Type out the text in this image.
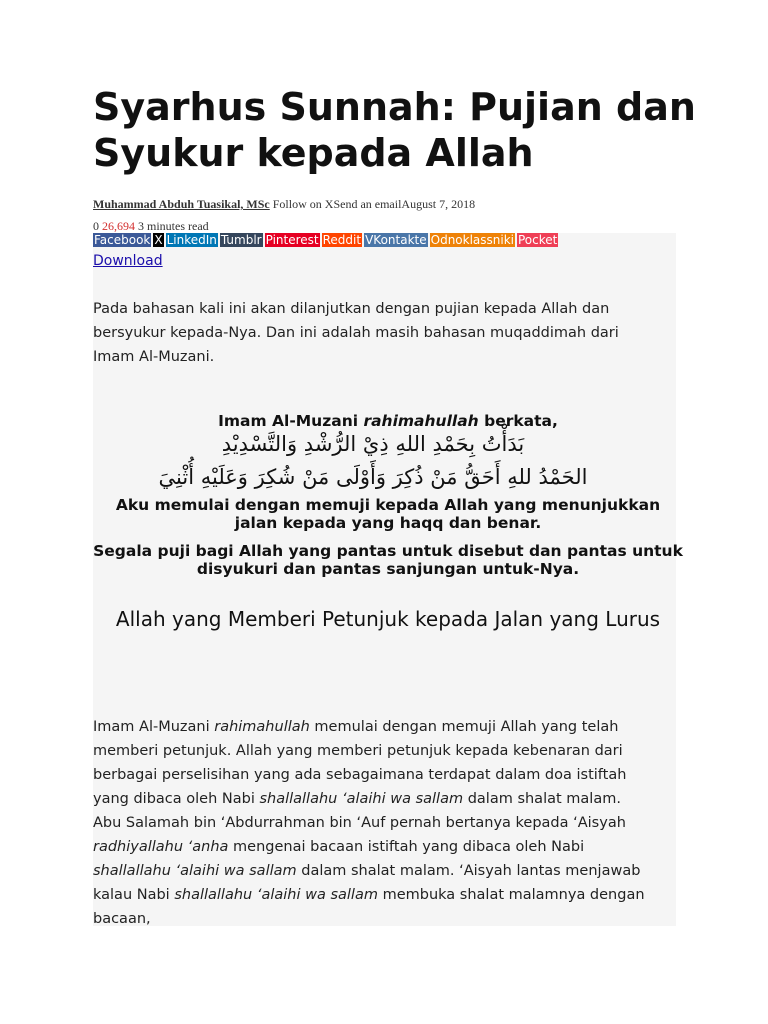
Syarhus Sunnah: Pujian dan Syukur kepada Allah
Muhammad Abduh Tuasikal, MSc Follow on XSend an emailAugust 7, 2018
0 26,694 3 minutes read
Facebook X LinkedIn Tumblr Pinterest Reddit VKontakte Odnoklassniki Pocket
Download

Pada bahasan kali ini akan dilanjutkan dengan pujian kepada Allah dan bersyukur kepada-Nya. Dan ini adalah masih bahasan muqaddimah dari Imam Al-Muzani.

Imam Al-Muzani rahimahullah berkata,

بَدَأْتُ بِحَمْدِ اللهِ ذِيْ الرُّشْدِ وَالتَّسْدِيْدِ
الحَمْدُ للهِ أَحَقُّ مَنْ ذُكِرَ وَأَوْلَى مَنْ شُكِرَ وَعَلَيْهِ أُثْنِيَ

Aku memulai dengan memuji kepada Allah yang menunjukkan jalan kepada yang haqq dan benar.

Segala puji bagi Allah yang pantas untuk disebut dan pantas untuk disyukuri dan pantas sanjungan untuk-Nya.

Allah yang Memberi Petunjuk kepada Jalan yang Lurus

Imam Al-Muzani rahimahullah memulai dengan memuji Allah yang telah memberi petunjuk. Allah yang memberi petunjuk kepada kebenaran dari berbagai perselisihan yang ada sebagaimana terdapat dalam doa istiftah yang dibaca oleh Nabi shallallahu ‘alaihi wa sallam dalam shalat malam. Abu Salamah bin ‘Abdurrahman bin ‘Auf pernah bertanya kepada ‘Aisyah radhiyallahu ‘anha mengenai bacaan istiftah yang dibaca oleh Nabi shallallahu ‘alaihi wa sallam dalam shalat malam. ‘Aisyah lantas menjawab kalau Nabi shallallahu ‘alaihi wa sallam membuka shalat malamnya dengan bacaan,
